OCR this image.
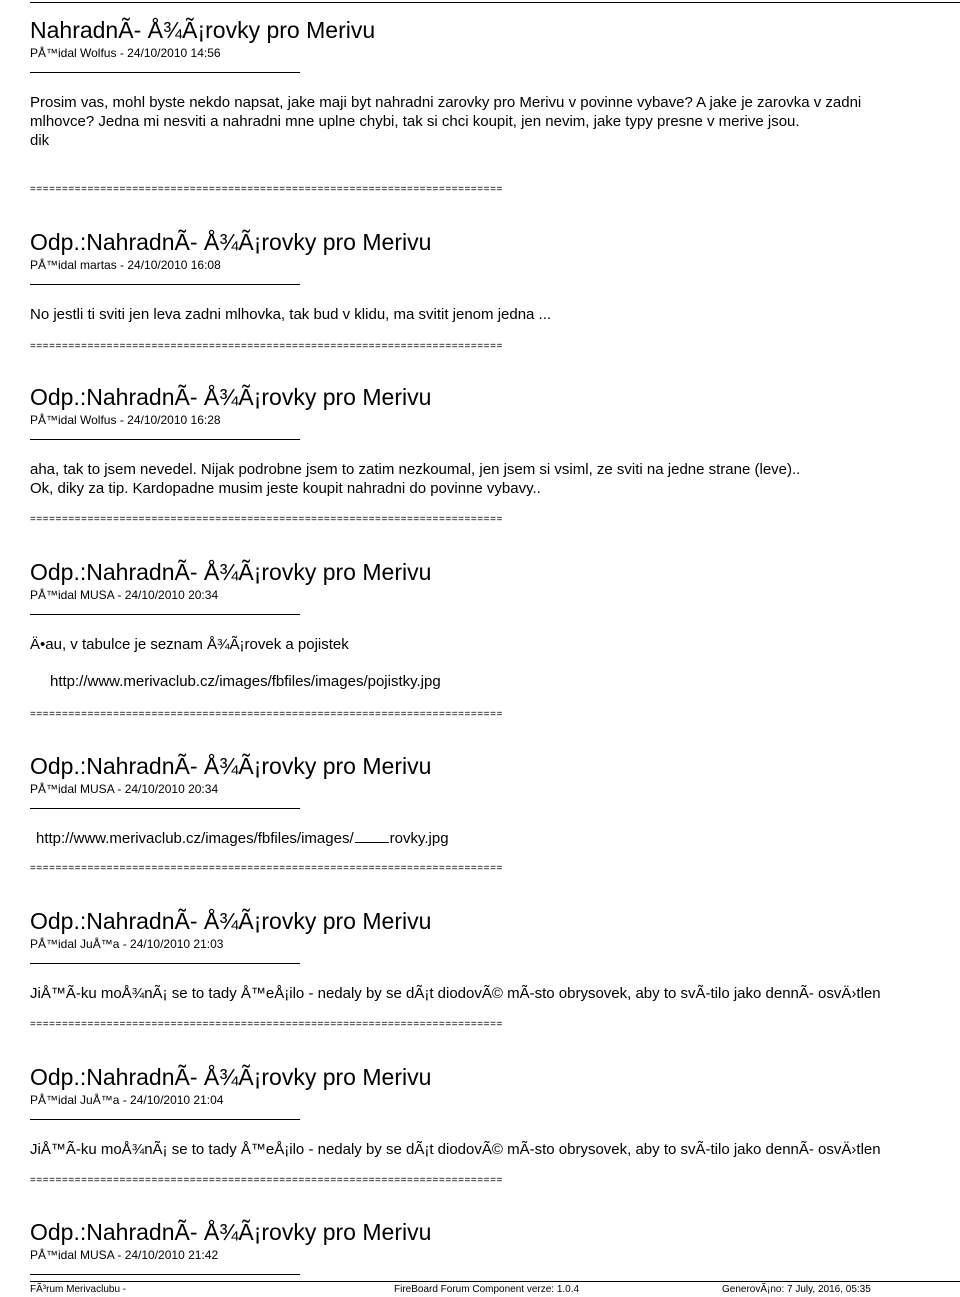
NahradnÃ- Å¾Ã¡rovky pro Merivu
PÅ™idal Wolfus - 24/10/2010 14:56
Prosim vas, mohl byste nekdo napsat, jake maji byt nahradni zarovky pro Merivu v povinne vybave? A jake je zarovka v zadni mlhovce? Jedna mi nesviti a nahradni mne uplne chybi, tak si chci koupit, jen nevim, jake typy presne v merive jsou.
dik
==========================================================================
Odp.:NahradnÃ- Å¾Ã¡rovky pro Merivu
PÅ™idal martas - 24/10/2010 16:08
No jestli ti sviti jen leva zadni mlhovka, tak bud v klidu, ma svitit jenom jedna ...
==========================================================================
Odp.:NahradnÃ- Å¾Ã¡rovky pro Merivu
PÅ™idal Wolfus - 24/10/2010 16:28
aha, tak to jsem nevedel. Nijak podrobne jsem to zatim nezkoumal, jen jsem si vsiml, ze sviti na jedne strane (leve)..
Ok, diky za tip. Kardopadne musim jeste koupit nahradni do povinne vybavy..
==========================================================================
Odp.:NahradnÃ- Å¾Ã¡rovky pro Merivu
PÅ™idal MUSA - 24/10/2010 20:34
Ä•au, v tabulce je seznam Å¾Ã¡rovek a pojistek
http://www.merivaclub.cz/images/fbfiles/images/pojistky.jpg
==========================================================================
Odp.:NahradnÃ- Å¾Ã¡rovky pro Merivu
PÅ™idal MUSA - 24/10/2010 20:34
http://www.merivaclub.cz/images/fbfiles/images/ rovky.jpg
==========================================================================
Odp.:NahradnÃ- Å¾Ã¡rovky pro Merivu
PÅ™idal JuÅ™a - 24/10/2010 21:03
JiÅ™Ã-ku moÅ¾nÃ¡ se to tady Å™eÅ¡ilo - nedaly by se dÃ¡t diodovÃ© mÃ-sto obrysovek, aby to svÃ-tilo jako dennÃ- osvÄ›tlen
==========================================================================
Odp.:NahradnÃ- Å¾Ã¡rovky pro Merivu
PÅ™idal JuÅ™a - 24/10/2010 21:04
JiÅ™Ã-ku moÅ¾nÃ¡ se to tady Å™eÅ¡ilo - nedaly by se dÃ¡t diodovÃ© mÃ-sto obrysovek, aby to svÃ-tilo jako dennÃ- osvÄ›tlen
==========================================================================
Odp.:NahradnÃ- Å¾Ã¡rovky pro Merivu
PÅ™idal MUSA - 24/10/2010 21:42
FÃ³rum Merivaclubu -	FireBoard Forum Component verze: 1.0.4	GenerovÃ¡no: 7 July, 2016, 05:35
